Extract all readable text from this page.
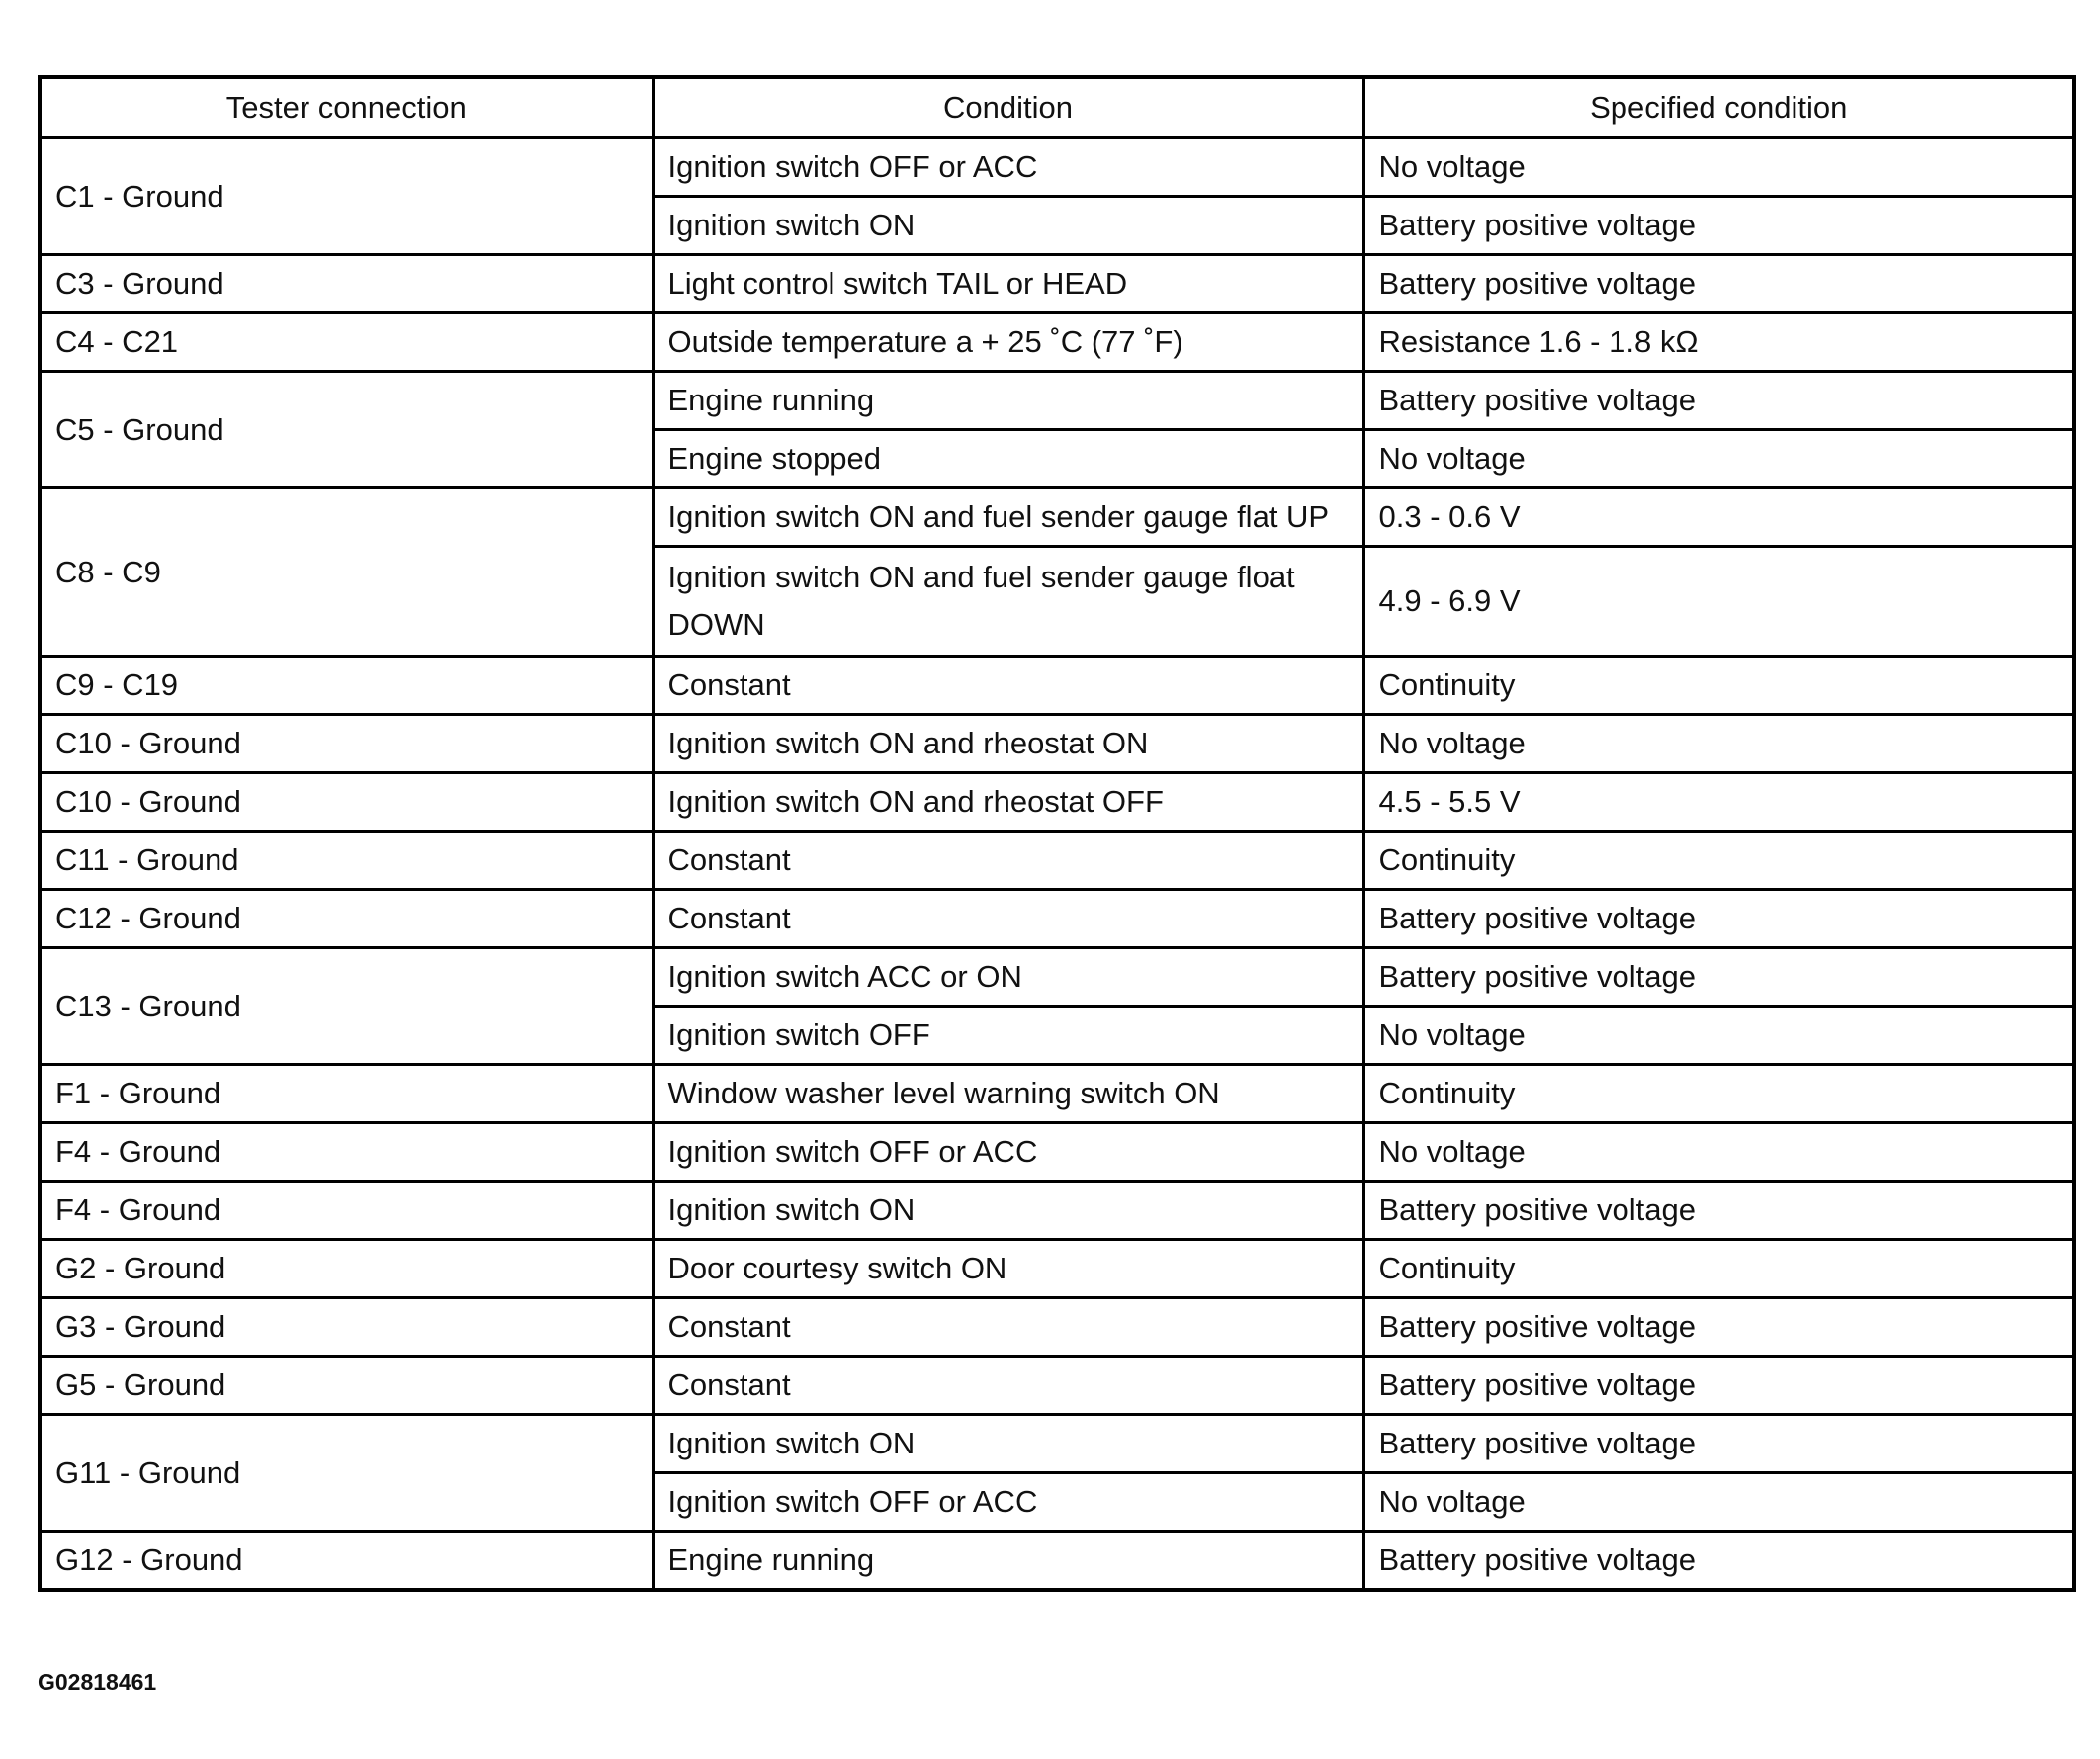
Tester connection	Condition	Specified condition
C1 - Ground	Ignition switch OFF or ACC	No voltage
	Ignition switch ON	Battery positive voltage
C3 - Ground	Light control switch TAIL or HEAD	Battery positive voltage
C4 - C21	Outside temperature a + 25 ˚C (77 ˚F)	Resistance 1.6 - 1.8 kΩ
C5 - Ground	Engine running	Battery positive voltage
	Engine stopped	No voltage
C8 - C9	Ignition switch ON and fuel sender gauge flat UP	0.3 - 0.6 V
	Ignition switch ON and fuel sender gauge float DOWN	4.9 - 6.9 V
C9 - C19	Constant	Continuity
C10 - Ground	Ignition switch ON and rheostat ON	No voltage
C10 - Ground	Ignition switch ON and rheostat OFF	4.5 - 5.5 V
C11 - Ground	Constant	Continuity
C12 - Ground	Constant	Battery positive voltage
C13 - Ground	Ignition switch ACC or ON	Battery positive voltage
	Ignition switch OFF	No voltage
F1 - Ground	Window washer level warning switch ON	Continuity
F4 - Ground	Ignition switch OFF or ACC	No voltage
F4 - Ground	Ignition switch ON	Battery positive voltage
G2 - Ground	Door courtesy switch ON	Continuity
G3 - Ground	Constant	Battery positive voltage
G5 - Ground	Constant	Battery positive voltage
G11 - Ground	Ignition switch ON	Battery positive voltage
	Ignition switch OFF or ACC	No voltage
G12 - Ground	Engine running	Battery positive voltage
G02818461
